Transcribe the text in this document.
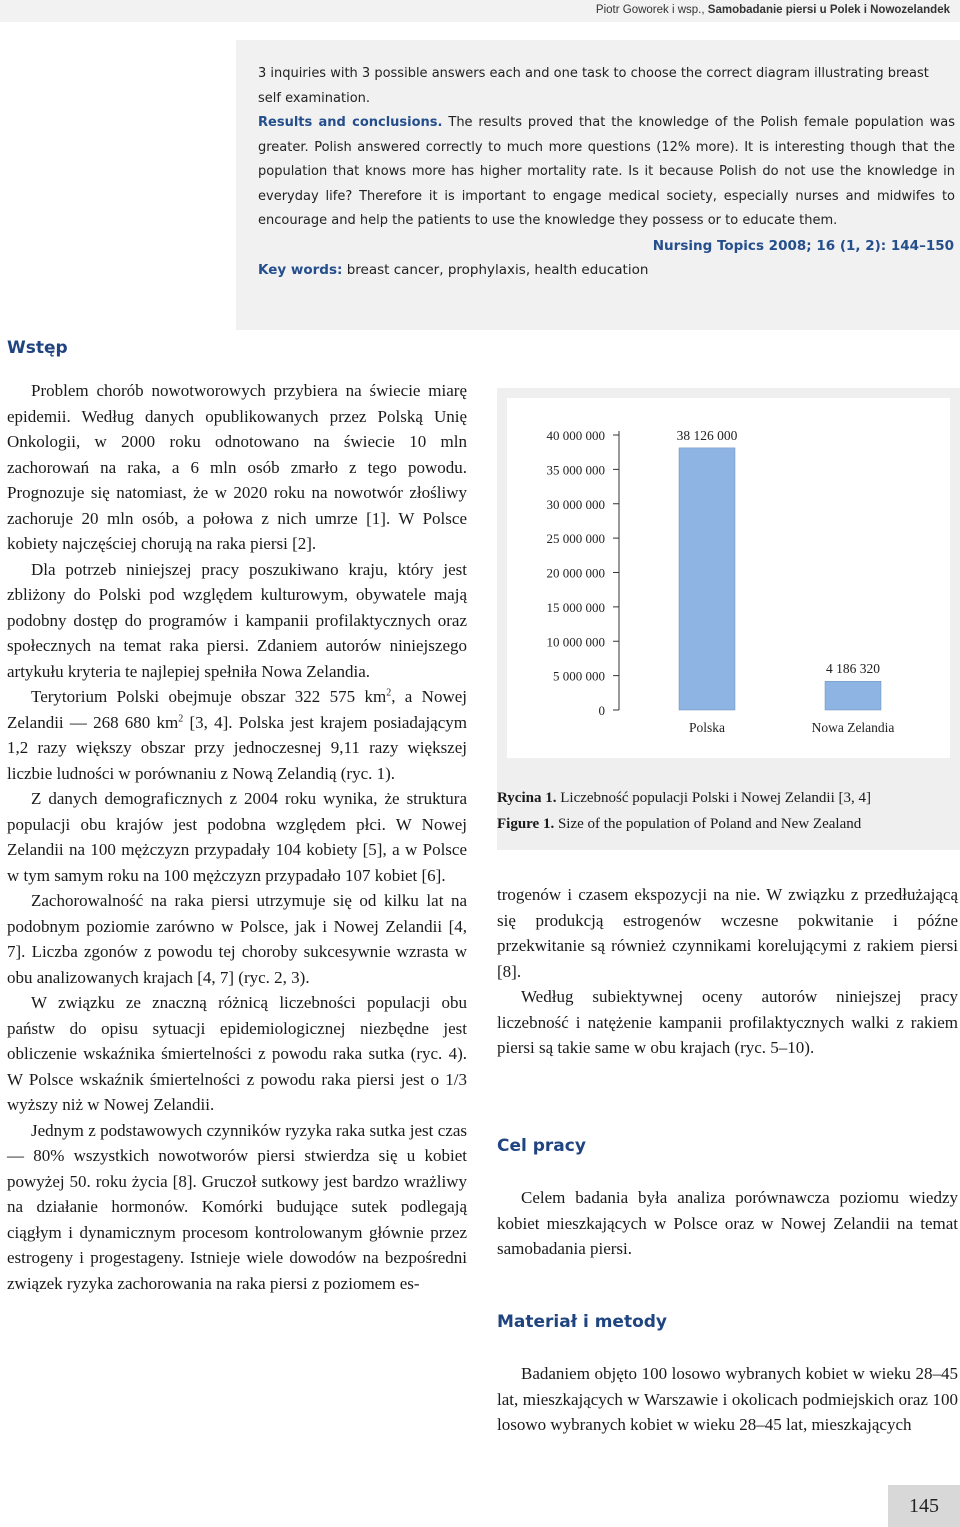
Piotr Goworek i wsp., Samobadanie piersi u Polek i Nowozelandek
3 inquiries with 3 possible answers each and one task to choose the correct diagram illustrating breast self examination.
Results and conclusions. The results proved that the knowledge of the Polish female population was greater. Polish answered correctly to much more questions (12% more). It is interesting though that the population that knows more has higher mortality rate. Is it because Polish do not use the knowledge in everyday life? Therefore it is important to engage medical society, especially nurses and midwifes to encourage and help the patients to use the knowledge they possess or to educate them.
Nursing Topics 2008; 16 (1, 2): 144–150
Key words: breast cancer, prophylaxis, health education
Wstęp

Problem chorób nowotworowych przybiera na świecie miarę epidemii. Według danych opublikowanych przez Polską Unię Onkologii, w 2000 roku odnotowano na świecie 10 mln zachorowań na raka, a 6 mln osób zmarło z tego powodu. Prognozuje się natomiast, że w 2020 roku na nowotwór złośliwy zachoruje 20 mln osób, a połowa z nich umrze [1]. W Polsce kobiety najczęściej chorują na raka piersi [2].

Dla potrzeb niniejszej pracy poszukiwano kraju, który jest zbliżony do Polski pod względem kulturowym, obywatele mają podobny dostęp do programów i kampanii profilaktycznych oraz społecznych na temat raka piersi. Zdaniem autorów niniejszego artykułu kryteria te najlepiej spełniła Nowa Zelandia.

Terytorium Polski obejmuje obszar 322 575 $km^2$, a Nowej Zelandii — 268 680 $km^2$ [3, 4]. Polska jest krajem posiadającym 1,2 razy większy obszar przy jednoczesnej 9,11 razy większej liczbie ludności w porównaniu z Nową Zelandią (ryc. 1).

Z danych demograficznych z 2004 roku wynika, że struktura populacji obu krajów jest podobna względem płci. W Nowej Zelandii na 100 mężczyzn przypadały 104 kobiety [5], a w Polsce w tym samym roku na 100 mężczyzn przypadało 107 kobiet [6].

Zachorowalność na raka piersi utrzymuje się od kilku lat na podobnym poziomie zarówno w Polsce, jak i Nowej Zelandii [4, 7]. Liczba zgonów z powodu tej choroby sukcesywnie wzrasta w obu analizowanych krajach [4, 7] (ryc. 2, 3).

W związku ze znaczną różnicą liczebności populacji obu państw do opisu sytuacji epidemiologicznej niezbędne jest obliczenie wskaźnika śmiertelności z powodu raka sutka (ryc. 4). W Polsce wskaźnik śmiertelności z powodu raka piersi jest o 1/3 wyższy niż w Nowej Zelandii.

Jednym z podstawowych czynników ryzyka raka sutka jest czas — 80% wszystkich nowotworów piersi stwierdza się u kobiet powyżej 50. roku życia [8]. Gruczoł sutkowy jest bardzo wrażliwy na działanie hormonów. Komórki budujące sutek podlegają ciągłym i dynamicznym procesom kontrolowanym głównie przez estrogeny i progestageny. Istnieje wiele dowodów na bezpośredni związek ryzyka zachorowania na raka piersi z poziomem es-

0
5 000 000
10 000 000
15 000 000
20 000 000
25 000 000
30 000 000
35 000 000
40 000 000	38 126 000
Polska
4 186 320
Nowa Zelandia
Rycina 1. Liczebność populacji Polski i Nowej Zelandii [3, 4]
Figure 1. Size of the population of Poland and New Zealand

trogenów i czasem ekspozycji na nie. W związku z przedłużającą się produkcją estrogenów wczesne pokwitanie i późne przekwitanie są również czynnikami korelującymi z rakiem piersi [8].

Według subiektywnej oceny autorów niniejszej pracy liczebność i natężenie kampanii profilaktycznych walki z rakiem piersi są takie same w obu krajach (ryc. 5–10).

Cel pracy

Celem badania była analiza porównawcza poziomu wiedzy kobiet mieszkających w Polsce oraz w Nowej Zelandii na temat samobadania piersi.

Materiał i metody

Badaniem objęto 100 losowo wybranych kobiet w wieku 28–45 lat, mieszkających w Warszawie i okolicach podmiejskich oraz 100 losowo wybranych kobiet w wieku 28–45 lat, mieszkających

145
